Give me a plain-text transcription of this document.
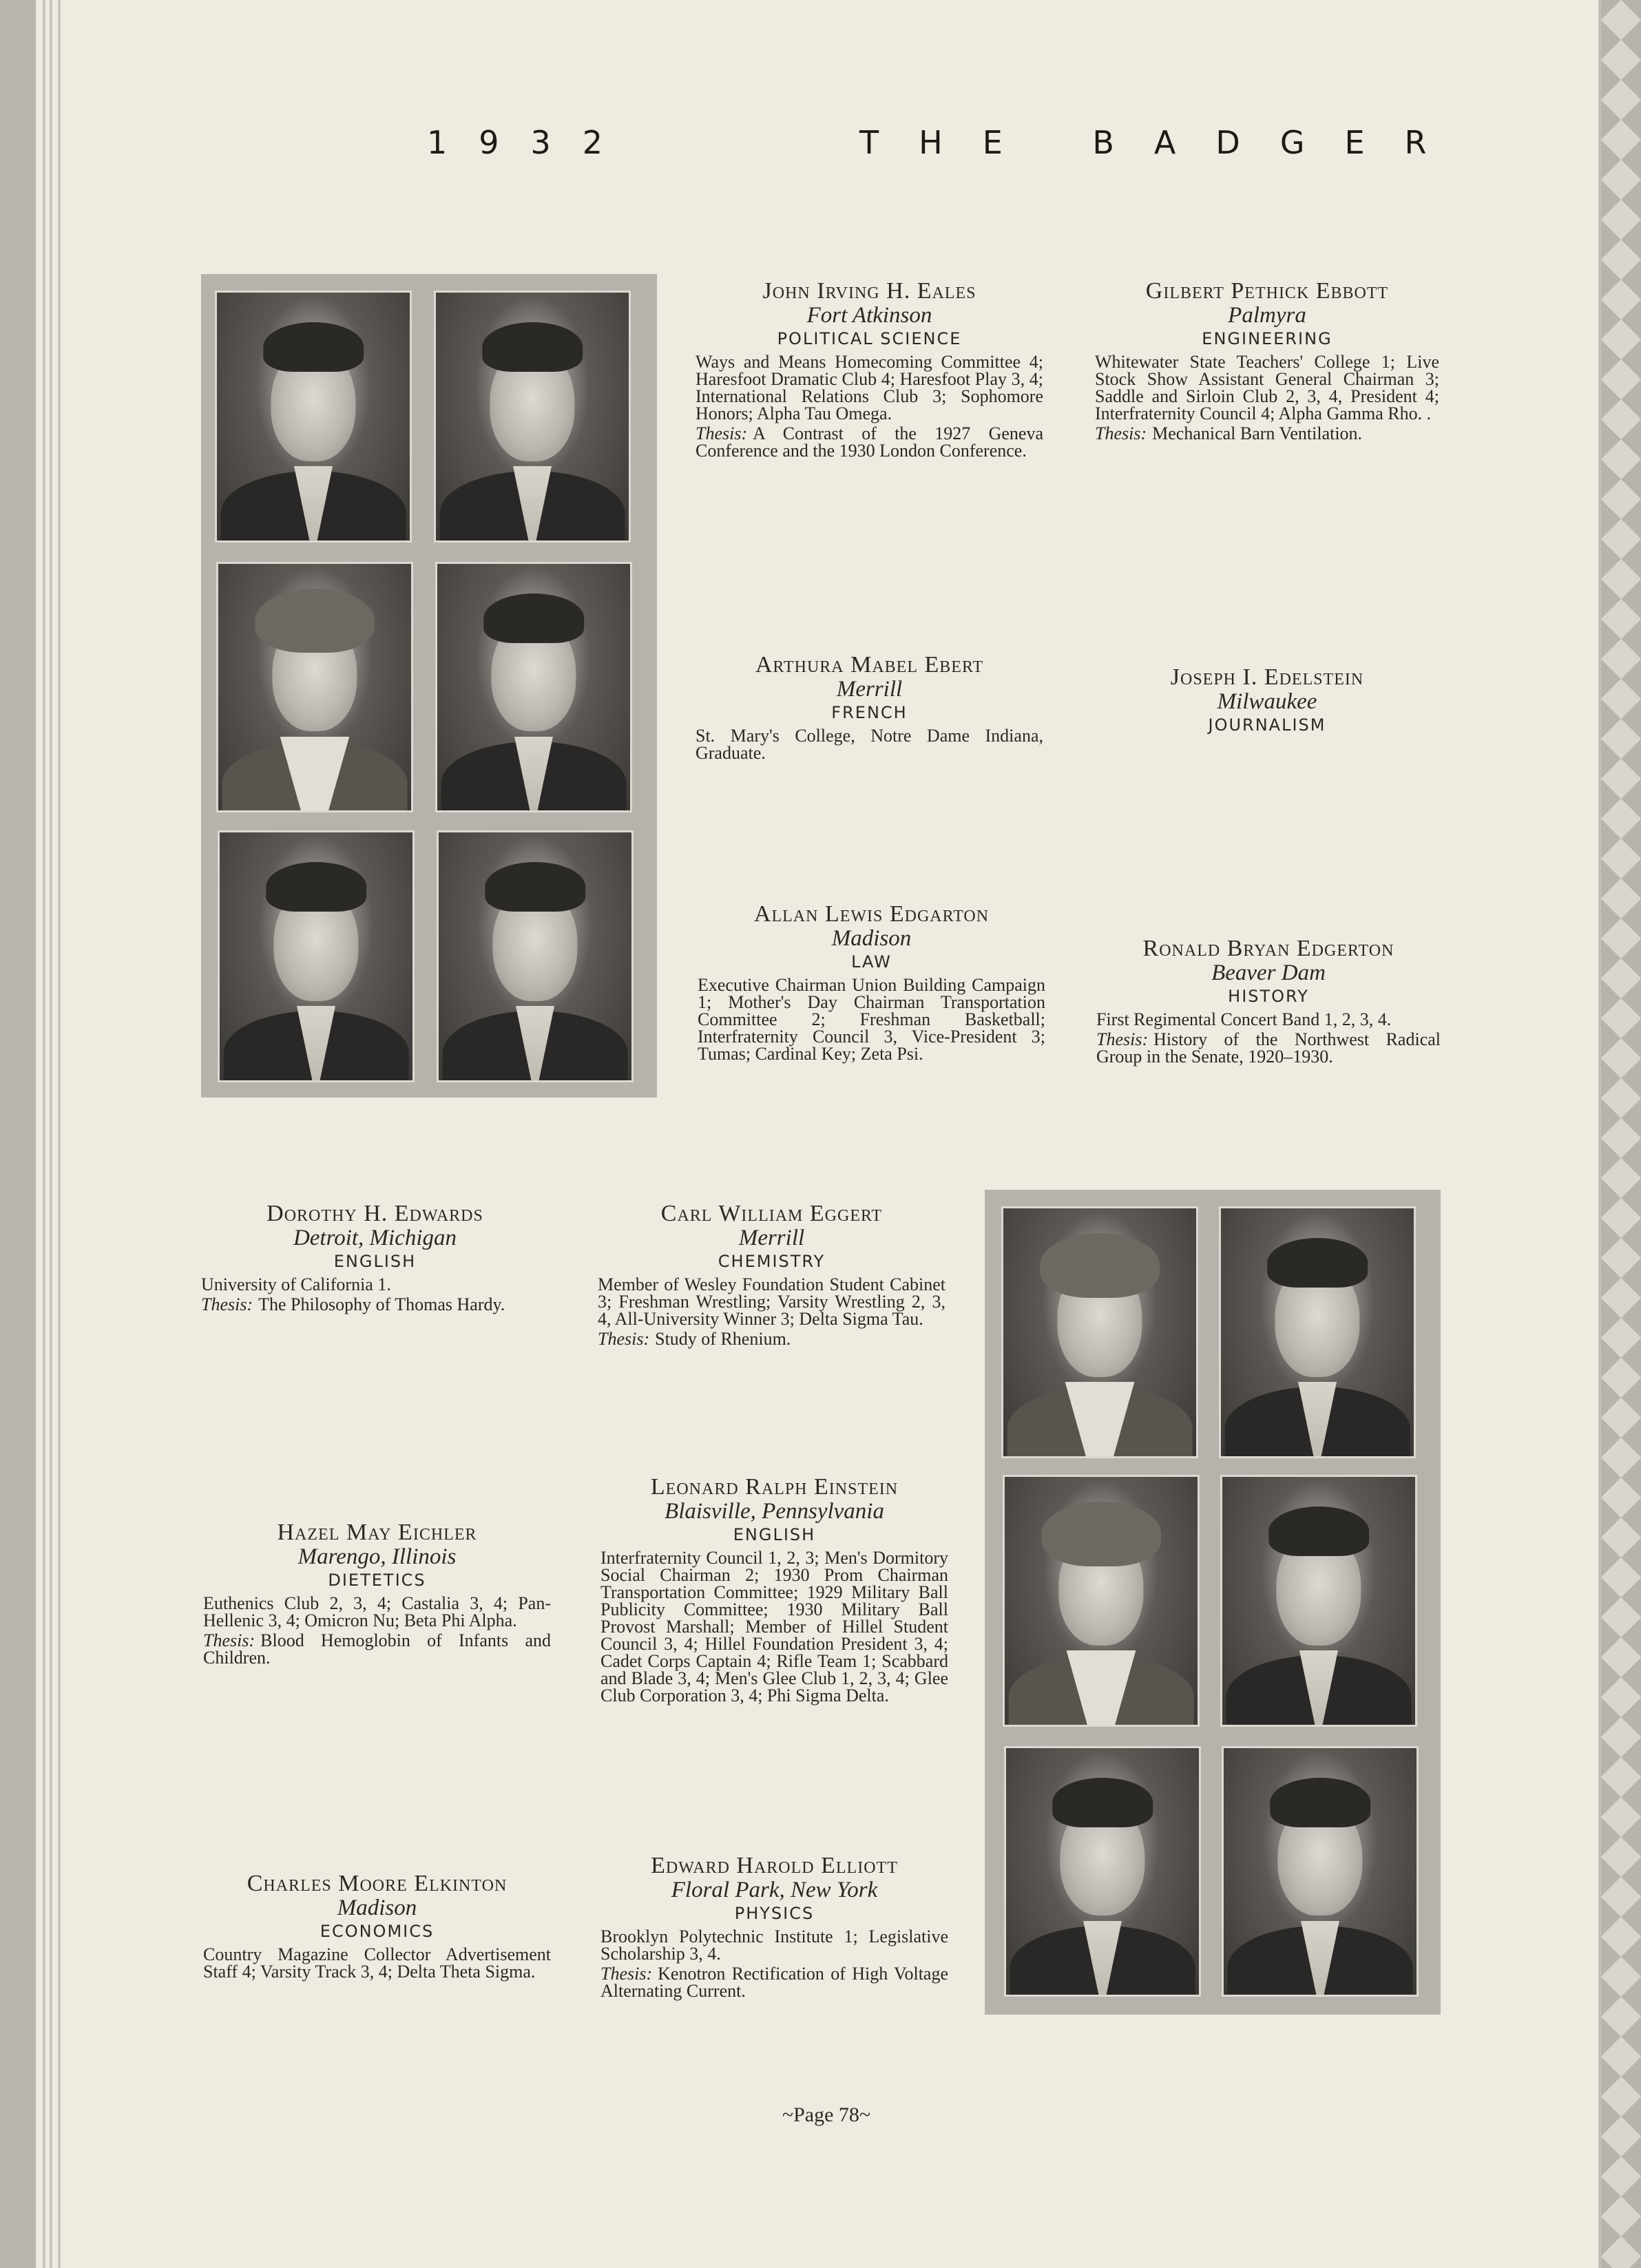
1932	THE BADGER
John Irving H. Eales
Fort Atkinson
POLITICAL SCIENCE
Ways and Means Homecoming Committee 4; Haresfoot Dramatic Club 4; Haresfoot Play 3, 4; International Relations Club 3; Sophomore Honors; Alpha Tau Omega.
Thesis: A Contrast of the 1927 Geneva Conference and the 1930 London Conference.
Gilbert Pethick Ebbott
Palmyra
ENGINEERING
Whitewater State Teachers' College 1; Live Stock Show Assistant General Chairman 3; Saddle and Sirloin Club 2, 3, 4, President 4; Interfraternity Council 4; Alpha Gamma Rho. .
Thesis: Mechanical Barn Ventilation.
Arthura Mabel Ebert
Merrill
FRENCH
St. Mary's College, Notre Dame Indiana, Graduate.
Joseph I. Edelstein
Milwaukee
JOURNALISM
Allan Lewis Edgarton
Madison
LAW
Executive Chairman Union Building Campaign 1; Mother's Day Chairman Transportation Committee 2; Freshman Basketball; Interfraternity Council 3, Vice-President 3; Tumas; Cardinal Key; Zeta Psi.
Ronald Bryan Edgerton
Beaver Dam
HISTORY
First Regimental Concert Band 1, 2, 3, 4.
Thesis: History of the Northwest Radical Group in the Senate, 1920–1930.
Dorothy H. Edwards
Detroit, Michigan
ENGLISH
University of California 1.
Thesis: The Philosophy of Thomas Hardy.
Carl William Eggert
Merrill
CHEMISTRY
Member of Wesley Foundation Student Cabinet 3; Freshman Wrestling; Varsity Wrestling 2, 3, 4, All-University Winner 3; Delta Sigma Tau.
Thesis: Study of Rhenium.
Hazel May Eichler
Marengo, Illinois
DIETETICS
Euthenics Club 2, 3, 4; Castalia 3, 4; Pan-Hellenic 3, 4; Omicron Nu; Beta Phi Alpha.
Thesis: Blood Hemoglobin of Infants and Children.
Leonard Ralph Einstein
Blaisville, Pennsylvania
ENGLISH
Interfraternity Council 1, 2, 3; Men's Dormitory Social Chairman 2; 1930 Prom Chairman Transportation Committee; 1929 Military Ball Publicity Committee; 1930 Military Ball Provost Marshall; Member of Hillel Student Council 3, 4; Hillel Foundation President 3, 4; Cadet Corps Captain 4; Rifle Team 1; Scabbard and Blade 3, 4; Men's Glee Club 1, 2, 3, 4; Glee Club Corporation 3, 4; Phi Sigma Delta.
Charles Moore Elkinton
Madison
ECONOMICS
Country Magazine Collector Advertisement Staff 4; Varsity Track 3, 4; Delta Theta Sigma.
Edward Harold Elliott
Floral Park, New York
PHYSICS
Brooklyn Polytechnic Institute 1; Legislative Scholarship 3, 4.
Thesis: Kenotron Rectification of High Voltage Alternating Current.
~Page 78~
